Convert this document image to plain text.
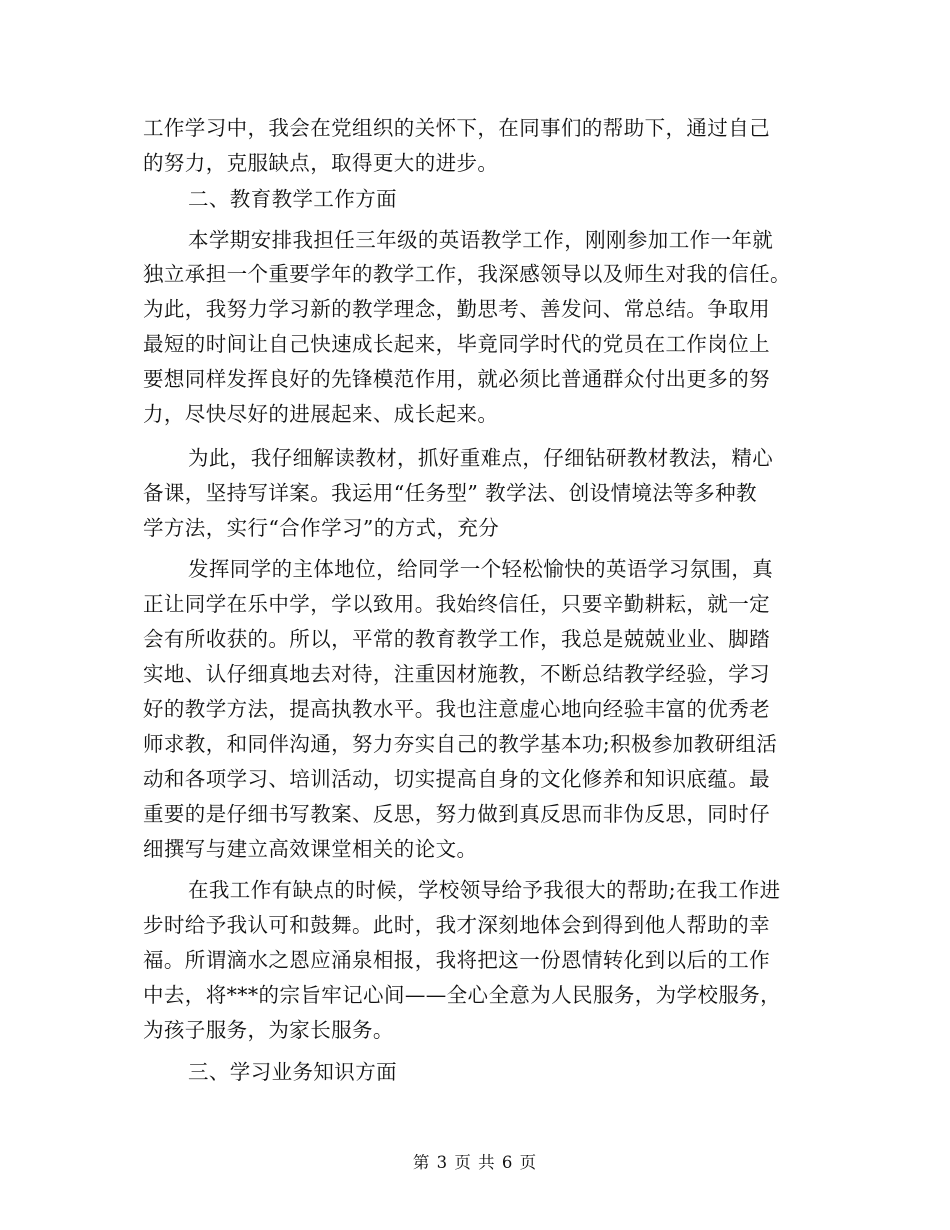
工作学习中，我会在党组织的关怀下，在同事们的帮助下，通过自己
的努力，克服缺点，取得更大的进步。
二、教育教学工作方面
本学期安排我担任三年级的英语教学工作，刚刚参加工作一年就
独立承担一个重要学年的教学工作，我深感领导以及师生对我的信任。
为此，我努力学习新的教学理念，勤思考、善发问、常总结。争取用
最短的时间让自己快速成长起来，毕竟同学时代的党员在工作岗位上
要想同样发挥良好的先锋模范作用，就必须比普通群众付出更多的努
力，尽快尽好的进展起来、成长起来。
为此，我仔细解读教材，抓好重难点，仔细钻研教材教法，精心
备课，坚持写详案。我运用“任务型” 教学法、创设情境法等多种教
学方法，实行“合作学习”的方式，充分
发挥同学的主体地位，给同学一个轻松愉快的英语学习氛围，真
正让同学在乐中学，学以致用。我始终信任，只要辛勤耕耘，就一定
会有所收获的。所以，平常的教育教学工作，我总是兢兢业业、脚踏
实地、认仔细真地去对待，注重因材施教，不断总结教学经验，学习
好的教学方法，提高执教水平。我也注意虚心地向经验丰富的优秀老
师求教，和同伴沟通，努力夯实自己的教学基本功;积极参加教研组活
动和各项学习、培训活动，切实提高自身的文化修养和知识底蕴。最
重要的是仔细书写教案、反思，努力做到真反思而非伪反思，同时仔
细撰写与建立高效课堂相关的论文。
在我工作有缺点的时候，学校领导给予我很大的帮助;在我工作进
步时给予我认可和鼓舞。此时，我才深刻地体会到得到他人帮助的幸
福。所谓滴水之恩应涌泉相报，我将把这一份恩情转化到以后的工作
中去，将***的宗旨牢记心间——全心全意为人民服务，为学校服务，
为孩子服务，为家长服务。
三、学习业务知识方面
第 3 页 共 6 页
